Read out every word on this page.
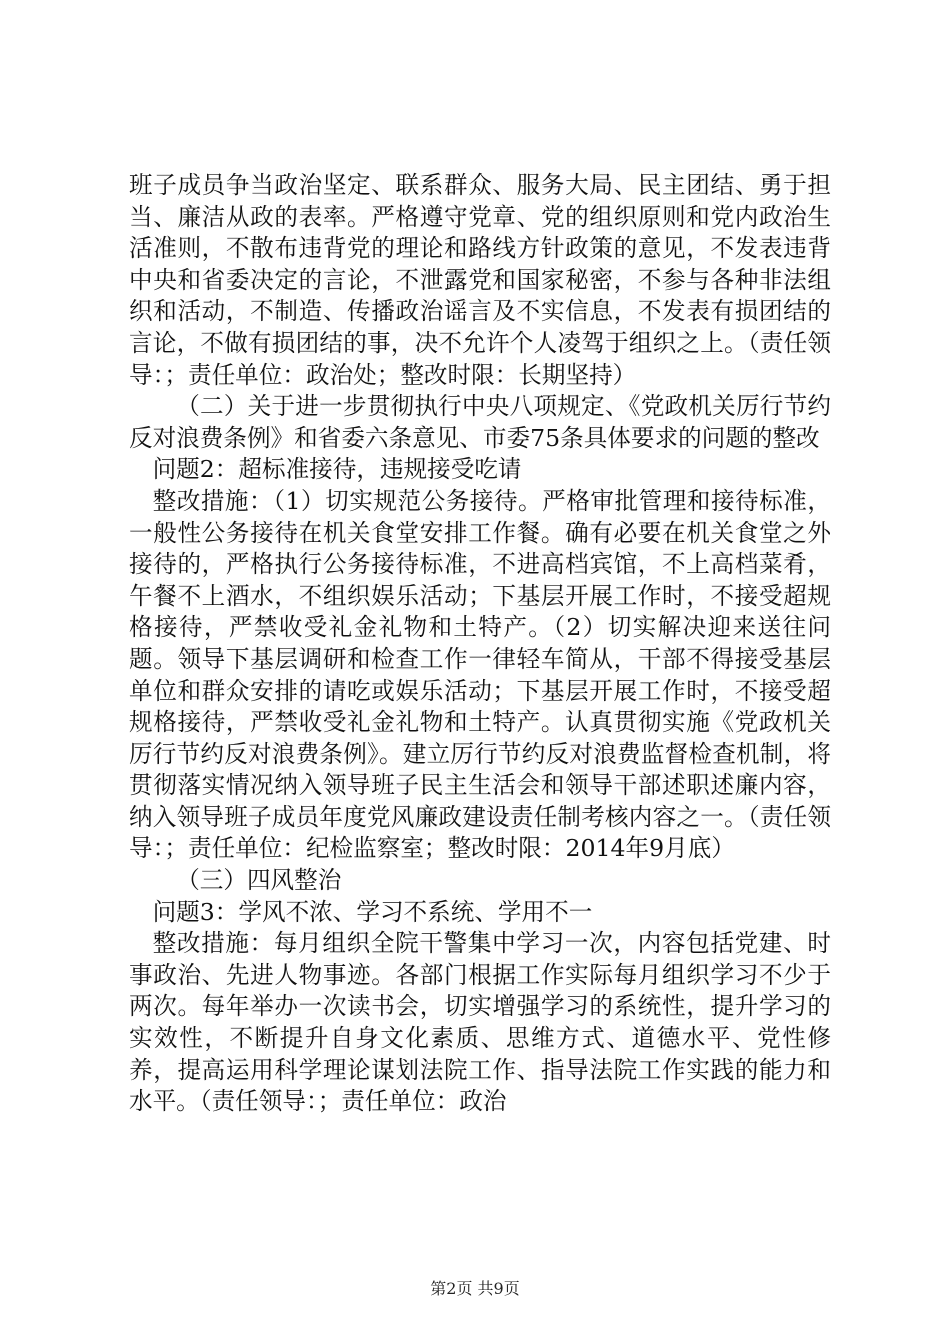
班子成员争当政治坚定、联系群众、服务大局、民主团结、勇于担当、廉洁从政的表率。严格遵守党章、党的组织原则和党内政治生活准则，不散布违背党的理论和路线方针政策的意见，不发表违背中央和省委决定的言论，不泄露党和国家秘密，不参与各种非法组织和活动，不制造、传播政治谣言及不实信息，不发表有损团结的言论，不做有损团结的事，决不允许个人凌驾于组织之上。（责任领导：；责任单位：政治处；整改时限：长期坚持）

（二）关于进一步贯彻执行中央八项规定、《党政机关厉行节约反对浪费条例》和省委六条意见、市委75条具体要求的问题的整改

问题2：超标准接待，违规接受吃请

整改措施：（1）切实规范公务接待。严格审批管理和接待标准，一般性公务接待在机关食堂安排工作餐。确有必要在机关食堂之外接待的，严格执行公务接待标准，不进高档宾馆，不上高档菜肴，午餐不上酒水，不组织娱乐活动；下基层开展工作时，不接受超规格接待，严禁收受礼金礼物和土特产。（2）切实解决迎来送往问题。领导下基层调研和检查工作一律轻车简从，干部不得接受基层单位和群众安排的请吃或娱乐活动；下基层开展工作时，不接受超规格接待，严禁收受礼金礼物和土特产。认真贯彻实施《党政机关厉行节约反对浪费条例》。建立厉行节约反对浪费监督检查机制，将贯彻落实情况纳入领导班子民主生活会和领导干部述职述廉内容，纳入领导班子成员年度党风廉政建设责任制考核内容之一。（责任领导：；责任单位：纪检监察室；整改时限：2014年9月底）

（三）四风整治

问题3：学风不浓、学习不系统、学用不一

整改措施：每月组织全院干警集中学习一次，内容包括党建、时事政治、先进人物事迹。各部门根据工作实际每月组织学习不少于两次。每年举办一次读书会，切实增强学习的系统性，提升学习的实效性，不断提升自身文化素质、思维方式、道德水平、党性修养，提高运用科学理论谋划法院工作、指导法院工作实践的能力和水平。（责任领导：；责任单位：政治

第2页 共9页
